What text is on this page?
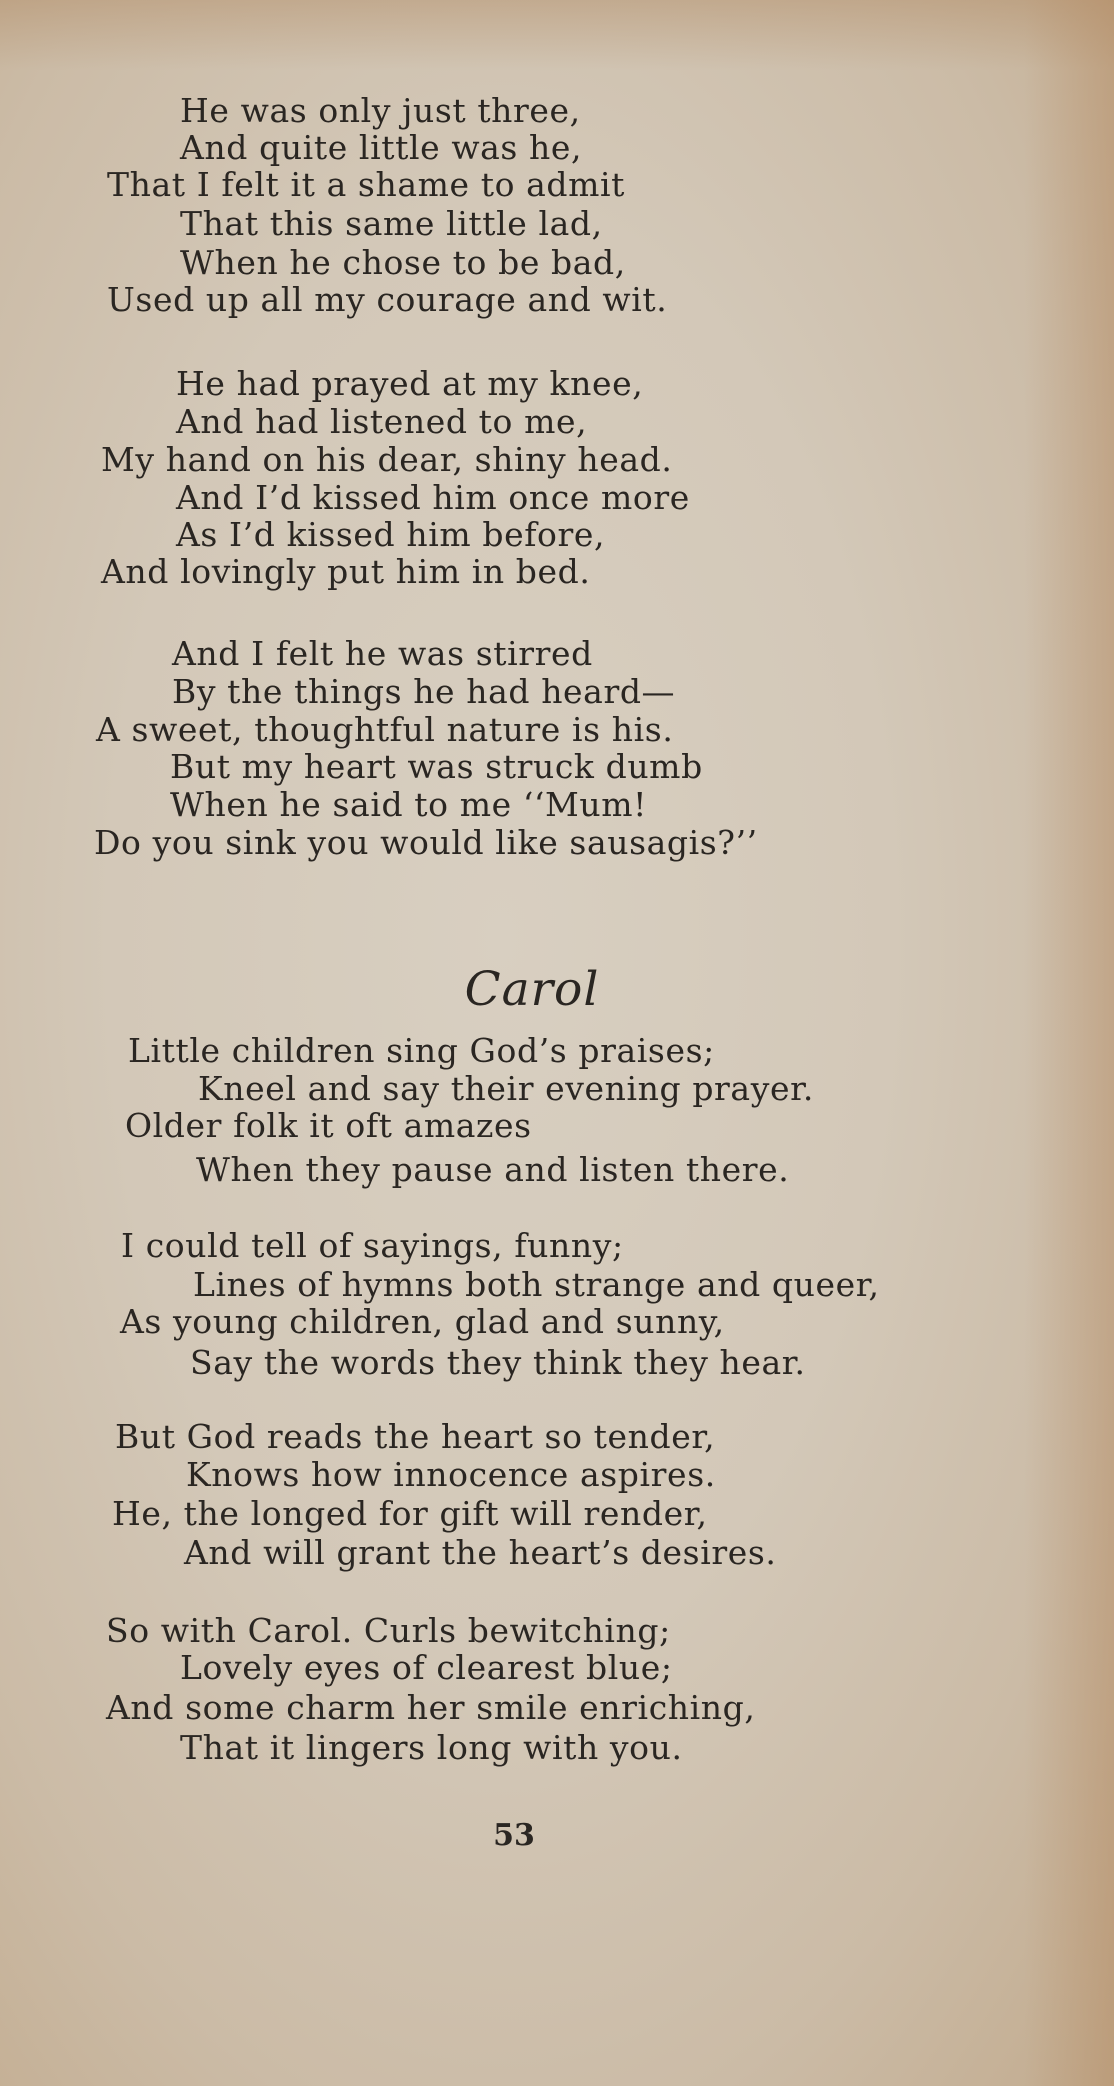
He was only just three,
And quite little was he,
That I felt it a shame to admit
That this same little lad,
When he chose to be bad,
Used up all my courage and wit.
He had prayed at my knee,
And had listened to me,
My hand on his dear, shiny head.
And I’d kissed him once more
As I’d kissed him before,
And lovingly put him in bed.
And I felt he was stirred
By the things he had heard—
A sweet, thoughtful nature is his.
But my heart was struck dumb
When he said to me ‘‘Mum!
Do you sink you would like sausagis?’’
Carol
Little children sing God’s praises;
Kneel and say their evening prayer.
Older folk it oft amazes
When they pause and listen there.
I could tell of sayings, funny;
Lines of hymns both strange and queer,
As young children, glad and sunny,
Say the words they think they hear.
But God reads the heart so tender,
Knows how innocence aspires.
He, the longed for gift will render,
And will grant the heart’s desires.
So with Carol. Curls bewitching;
Lovely eyes of clearest blue;
And some charm her smile enriching,
That it lingers long with you.
53
